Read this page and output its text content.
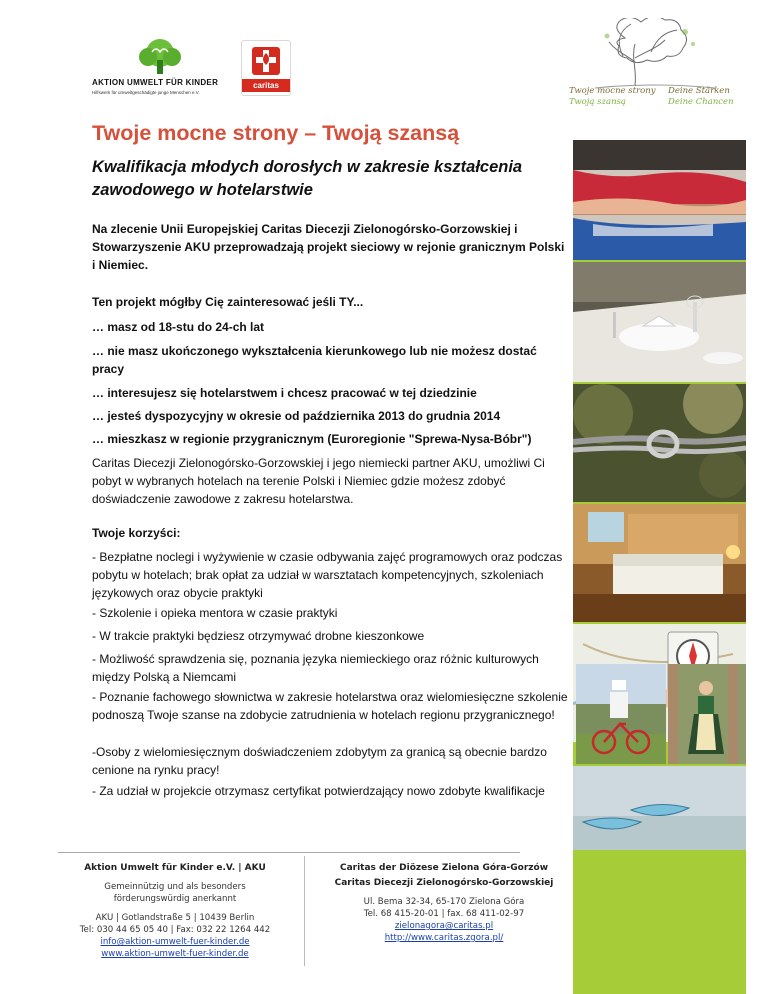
AKTION UMWELT FÜR KINDER
Hilfswerk für umweltgeschädigte junge Menschen e.V.
caritas
Twoje mocne strony
Twoją szansą
Deine Stärken
Deine Chancen
Twoje mocne strony – Twoją szansą
Kwalifikacja młodych dorosłych w zakresie kształcenia zawodowego w hotelarstwie
Na zlecenie Unii Europejskiej Caritas Diecezji Zielonogórsko-Gorzowskiej i Stowarzyszenie AKU przeprowadzają projekt sieciowy w rejonie granicznym Polski i Niemiec.
Ten projekt mógłby Cię zainteresować jeśli TY...
… masz od 18-stu do 24-ch lat
… nie masz ukończonego wykształcenia kierunkowego lub nie możesz dostać pracy
… interesujesz się hotelarstwem i chcesz pracować w tej dziedzinie
… jesteś dyspozycyjny w okresie od października 2013 do grudnia 2014
… mieszkasz w regionie przygranicznym (Euroregionie "Sprewa-Nysa-Bóbr")
Caritas Diecezji Zielonogórsko-Gorzowskiej i jego niemiecki partner AKU, umożliwi Ci pobyt w wybranych hotelach na terenie Polski i Niemiec gdzie możesz zdobyć doświadczenie zawodowe z zakresu hotelarstwa.
Twoje korzyści:
- Bezpłatne noclegi i wyżywienie w czasie odbywania zajęć programowych oraz podczas pobytu w hotelach; brak opłat za udział w warsztatach kompetencyjnych, szkoleniach językowych oraz obycie praktyki
- Szkolenie i opieka mentora w czasie praktyki
- W trakcie praktyki będziesz otrzymywać drobne kieszonkowe
- Możliwość sprawdzenia się, poznania języka niemieckiego oraz różnic kulturowych między Polską a Niemcami
- Poznanie fachowego słownictwa w zakresie hotelarstwa oraz wielomiesięczne szkolenie podnoszą Twoje szanse na zdobycie zatrudnienia w hotelach regionu przygranicznego!
-Osoby z wielomiesięcznym doświadczeniem zdobytym za granicą są obecnie bardzo cenione na rynku pracy!
- Za udział w projekcie otrzymasz certyfikat potwierdzający nowo zdobyte kwalifikacje
Aktion Umwelt für Kinder e.V. | AKU
Gemeinnützig und als besonders
förderungswürdig anerkannt
AKU | Gotlandstraße 5 | 10439 Berlin
Tel: 030 44 65 05 40 | Fax: 032 22 1264 442
info@aktion-umwelt-fuer-kinder.de
www.aktion-umwelt-fuer-kinder.de
Caritas der Diözese Zielona Góra-Gorzów
Caritas Diecezji Zielonogórsko-Gorzowskiej
Ul. Bema 32-34, 65-170 Zielona Góra
Tel. 68 415-20-01 | fax. 68 411-02-97
zielonagora@caritas.pl
http://www.caritas.zgora.pl/
